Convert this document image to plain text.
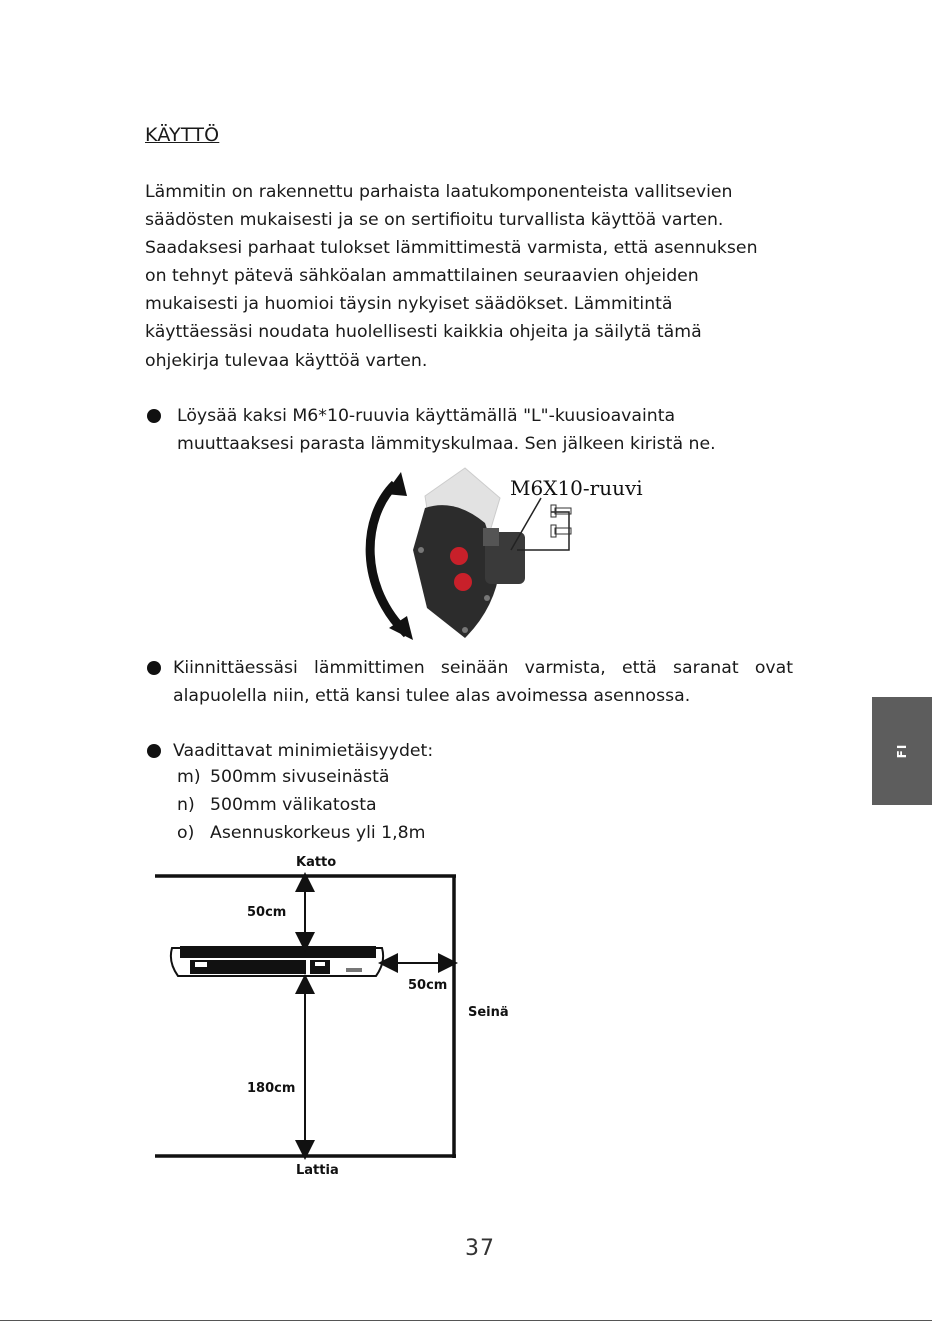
KÄYTTÖ

Lämmitin on rakennettu parhaista laatukomponenteista vallitsevien

säädösten mukaisesti ja se on sertifioitu turvallista käyttöä varten.

Saadaksesi parhaat tulokset lämmittimestä varmista, että asennuksen

on tehnyt pätevä sähköalan ammattilainen seuraavien ohjeiden

mukaisesti ja huomioi täysin nykyiset säädökset. Lämmitintä

käyttäessäsi noudata huolellisesti kaikkia ohjeita ja säilytä tämä

ohjekirja tulevaa käyttöä varten.

Löysää kaksi M6*10-ruuvia käyttämällä "L"-kuusioavainta

muuttaaksesi parasta lämmityskulmaa. Sen jälkeen kiristä ne.

M6X10-ruuvi

Kiinnittäessäsi lämmittimen seinään varmista, että saranat ovat

alapuolella niin, että kansi tulee alas avoimessa asennossa.

Vaadittavat minimietäisyydet:
m) 500mm sivuseinästä
n) 500mm välikatosta
o) Asennuskorkeus yli 1,8m
Katto
Lattia
Seinä
50cm
50cm
180cm
FI
37
